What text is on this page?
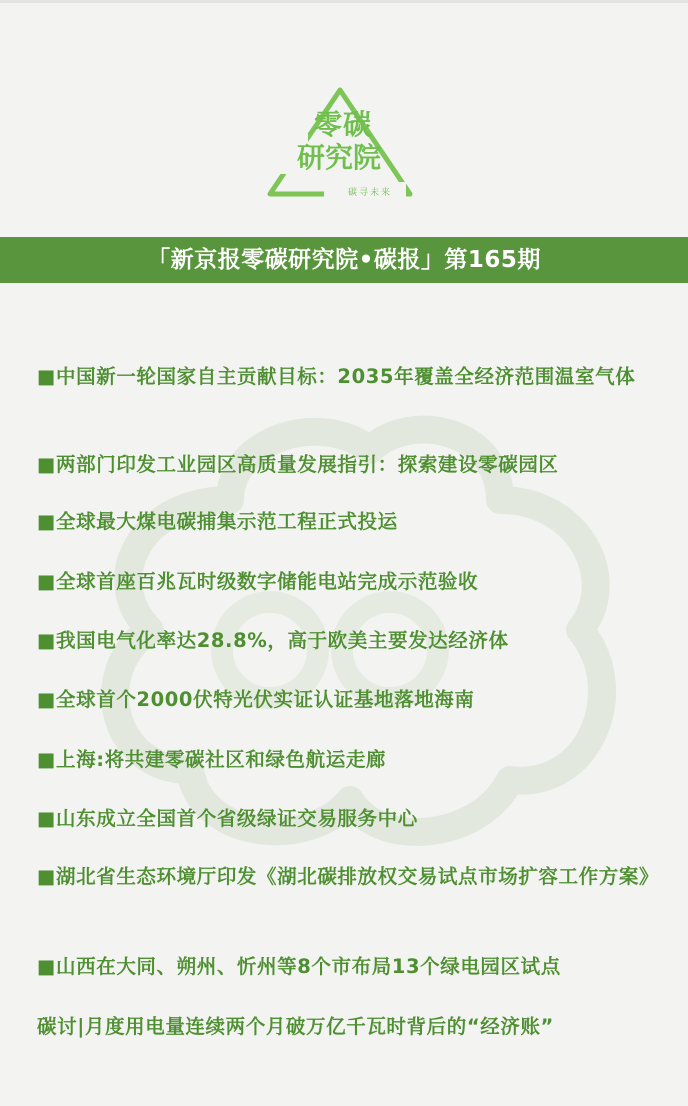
零碳
研究院
碳寻未来
「新京报零碳研究院•碳报」第165期
■中国新一轮国家自主贡献目标：2035年覆盖全经济范围温室气体
■两部门印发工业园区高质量发展指引：探索建设零碳园区
■全球最大煤电碳捕集示范工程正式投运
■全球首座百兆瓦时级数字储能电站完成示范验收
■我国电气化率达28.8%，高于欧美主要发达经济体
■全球首个2000伏特光伏实证认证基地落地海南
■上海:将共建零碳社区和绿色航运走廊
■山东成立全国首个省级绿证交易服务中心
■湖北省生态环境厅印发《湖北碳排放权交易试点市场扩容工作方案》
■山西在大同、朔州、忻州等8个市布局13个绿电园区试点
碳讨|月度用电量连续两个月破万亿千瓦时背后的“经济账”
